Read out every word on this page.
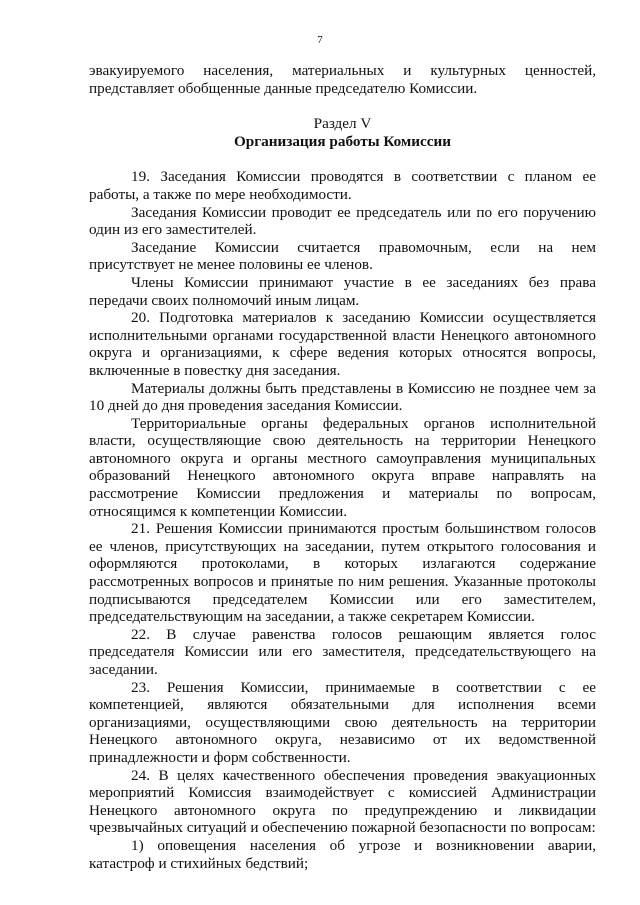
7

эвакуируемого населения, материальных и культурных ценностей, представляет обобщенные данные председателю Комиссии.

Раздел V
Организация работы Комиссии

19. Заседания Комиссии проводятся в соответствии с планом ее работы, а также по мере необходимости.

Заседания Комиссии проводит ее председатель или по его поручению один из его заместителей.

Заседание Комиссии считается правомочным, если на нем присутствует не менее половины ее членов.

Члены Комиссии принимают участие в ее заседаниях без права передачи своих полномочий иным лицам.

20. Подготовка материалов к заседанию Комиссии осуществляется исполнительными органами государственной власти Ненецкого автономного округа и организациями, к сфере ведения которых относятся вопросы, включенные в повестку дня заседания.

Материалы должны быть представлены в Комиссию не позднее чем за 10 дней до дня проведения заседания Комиссии.

Территориальные органы федеральных органов исполнительной власти, осуществляющие свою деятельность на территории Ненецкого автономного округа и органы местного самоуправления муниципальных образований Ненецкого автономного округа вправе направлять на рассмотрение Комиссии предложения и материалы по вопросам, относящимся к компетенции Комиссии.

21. Решения Комиссии принимаются простым большинством голосов ее членов, присутствующих на заседании, путем открытого голосования и оформляются протоколами, в которых излагаются содержание рассмотренных вопросов и принятые по ним решения. Указанные протоколы подписываются председателем Комиссии или его заместителем, председательствующим на заседании, а также секретарем Комиссии.

22. В случае равенства голосов решающим является голос председателя Комиссии или его заместителя, председательствующего на заседании.

23. Решения Комиссии, принимаемые в соответствии с ее компетенцией, являются обязательными для исполнения всеми организациями, осуществляющими свою деятельность на территории Ненецкого автономного округа, независимо от их ведомственной принадлежности и форм собственности.

24. В целях качественного обеспечения проведения эвакуационных мероприятий Комиссия взаимодействует с комиссией Администрации Ненецкого автономного округа по предупреждению и ликвидации чрезвычайных ситуаций и обеспечению пожарной безопасности по вопросам:

1) оповещения населения об угрозе и возникновении аварии, катастроф и стихийных бедствий;
